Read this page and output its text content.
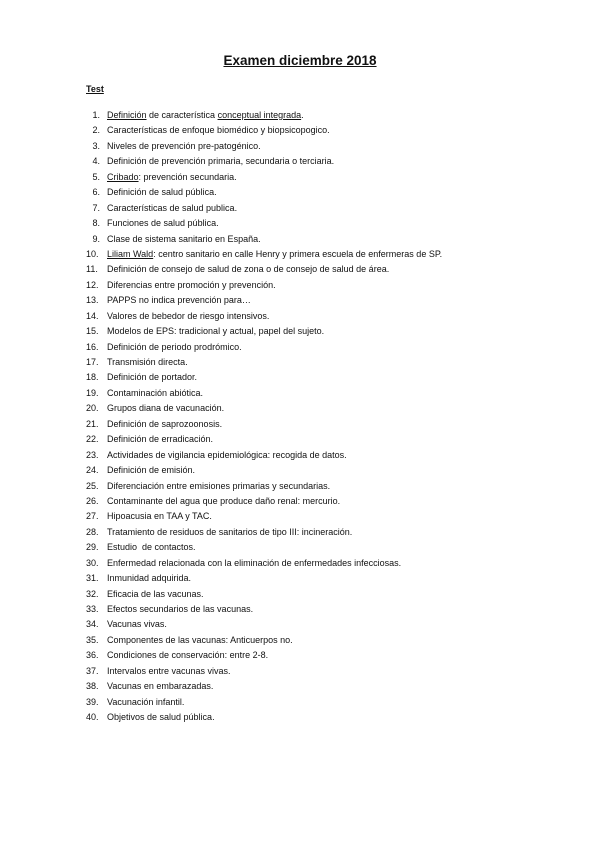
Examen diciembre 2018
Test
1. Definición de característica conceptual integrada.
2. Características de enfoque biomédico y biopsicopogico.
3. Niveles de prevención pre-patogénico.
4. Definición de prevención primaria, secundaria o terciaria.
5. Cribado: prevención secundaria.
6. Definición de salud pública.
7. Características de salud publica.
8. Funciones de salud pública.
9. Clase de sistema sanitario en España.
10. Liliam Wald: centro sanitario en calle Henry y primera escuela de enfermeras de SP.
11.	Definición de consejo de salud de zona o de consejo de salud de área.
12. Diferencias entre promoción y prevención.
13. PAPPS no indica prevención para…
14. Valores de bebedor de riesgo intensivos.
15. Modelos de EPS: tradicional y actual, papel del sujeto.
16. Definición de periodo prodrómico.
17. Transmisión directa.
18. Definición de portador.
19. Contaminación abiótica.
20. Grupos diana de vacunación.
21. Definición de saprozoonosis.
22. Definición de erradicación.
23. Actividades de vigilancia epidemiológica: recogida de datos.
24. Definición de emisión.
25. Diferenciación entre emisiones primarias y secundarias.
26. Contaminante del agua que produce daño renal: mercurio.
27. Hipoacusia en TAA y TAC.
28. Tratamiento de residuos de sanitarios de tipo III: incineración.
29. Estudio  de contactos.
30. Enfermedad relacionada con la eliminación de enfermedades infecciosas.
31. Inmunidad adquirida.
32. Eficacia de las vacunas.
33. Efectos secundarios de las vacunas.
34. Vacunas vivas.
35. Componentes de las vacunas: Anticuerpos no.
36. Condiciones de conservación: entre 2-8.
37. Intervalos entre vacunas vivas.
38. Vacunas en embarazadas.
39. Vacunación infantil.
40. Objetivos de salud pública.
